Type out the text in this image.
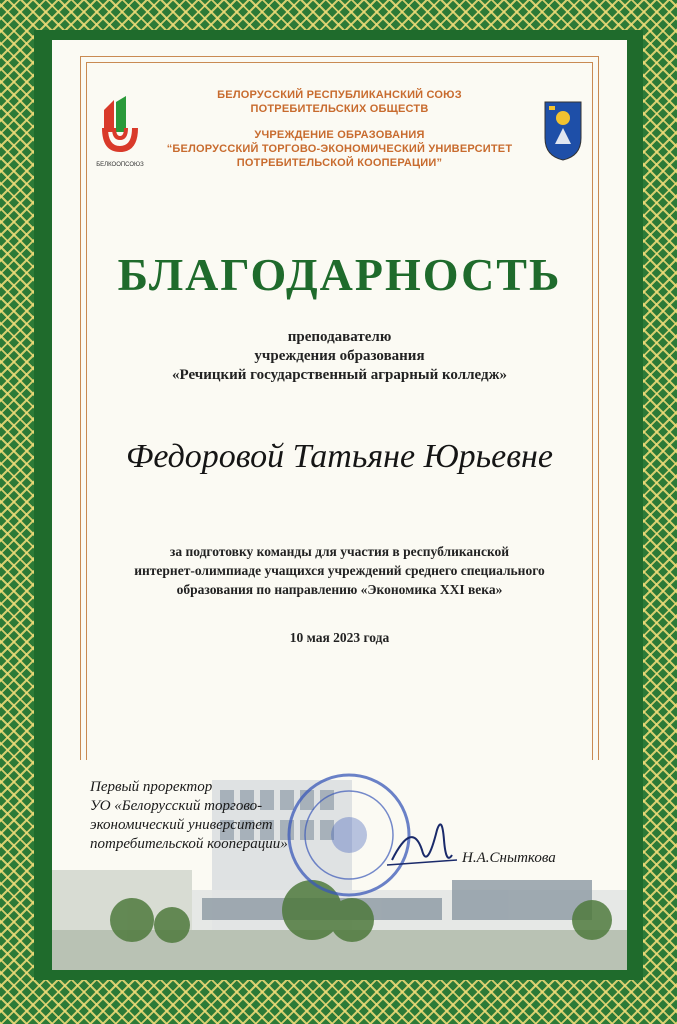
БЕЛКООПСОЮЗ
БЕЛОРУССКИЙ РЕСПУБЛИКАНСКИЙ СОЮЗ
ПОТРЕБИТЕЛЬСКИХ ОБЩЕСТВ
УЧРЕЖДЕНИЕ ОБРАЗОВАНИЯ
“БЕЛОРУССКИЙ ТОРГОВО-ЭКОНОМИЧЕСКИЙ УНИВЕРСИТЕТ
ПОТРЕБИТЕЛЬСКОЙ КООПЕРАЦИИ”
БЛАГОДАРНОСТЬ
преподавателю
учреждения образования
«Речицкий государственный аграрный колледж»
Федоровой Татьяне Юрьевне
за подготовку команды для участия в республиканской
интернет-олимпиаде учащихся учреждений среднего специального
образования по направлению «Экономика XXI века»
10 мая 2023 года
Первый проректор
УО «Белорусский торгово-
экономический университет
потребительской кооперации»
Н.А.Сныткова
